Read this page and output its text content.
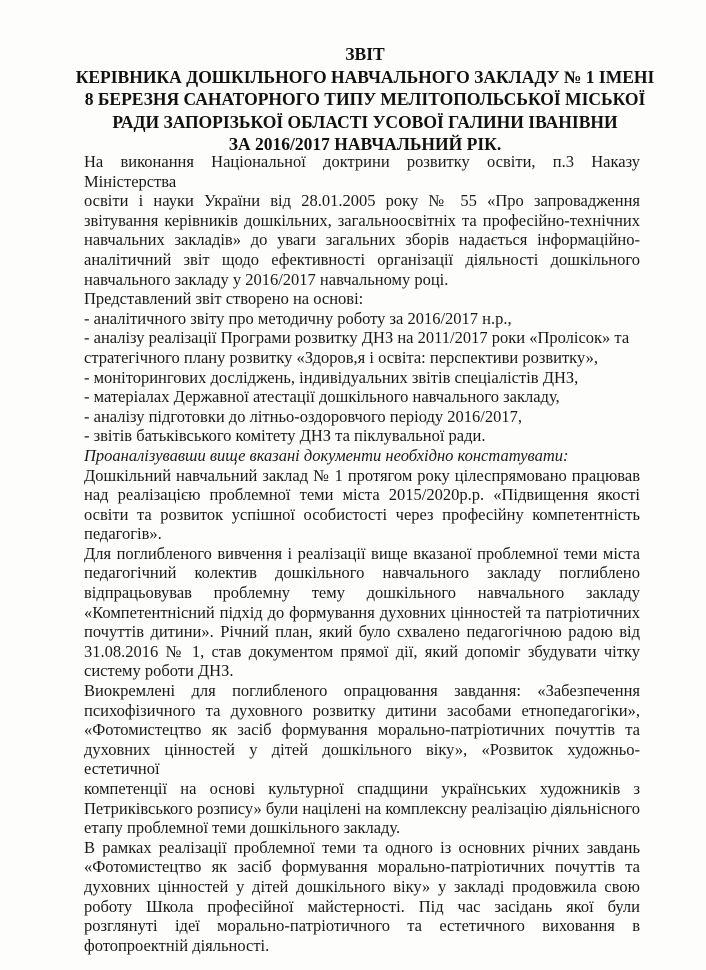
ЗВІТ
КЕРІВНИКА ДОШКІЛЬНОГО НАВЧАЛЬНОГО ЗАКЛАДУ № 1 ІМЕНІ
8 БЕРЕЗНЯ САНАТОРНОГО ТИПУ МЕЛІТОПОЛЬСЬКОЇ МІСЬКОЇ
РАДИ ЗАПОРІЗЬКОЇ ОБЛАСТІ УСОВОЇ ГАЛИНИ ІВАНІВНИ
ЗА 2016/2017 НАВЧАЛЬНИЙ РІК.
На виконання Національної доктрини розвитку освіти, п.3 Наказу Міністерства
освіти і науки України від 28.01.2005 року № 55 «Про запровадження
звітування керівників дошкільних, загальноосвітніх та професійно-технічних
навчальних закладів» до уваги загальних зборів надається інформаційно-
аналітичний звіт щодо ефективності організації діяльності дошкільного
навчального закладу у 2016/2017 навчальному році.
Представлений звіт створено на основі:
- аналітичного звіту про методичну роботу за 2016/2017 н.р.,
- аналізу реалізації Програми розвитку ДНЗ на 2011/2017 роки «Пролісок» та
стратегічного плану розвитку «Здоров,я і освіта: перспективи розвитку»,
- моніторингових досліджень, індивідуальних звітів спеціалістів ДНЗ,
- матеріалах Державної атестації дошкільного навчального закладу,
- аналізу підготовки до літньо-оздоровчого періоду 2016/2017,
- звітів батьківського комітету ДНЗ та піклувальної ради.
Проаналізувавши вище вказані документи необхідно констатувати:
Дошкільний навчальний заклад № 1 протягом року цілеспрямовано працював
над реалізацією проблемної теми міста 2015/2020р.р. «Підвищення якості
освіти та розвиток успішної особистості через професійну компетентність
педагогів».
Для поглибленого вивчення і реалізації вище вказаної проблемної теми міста
педагогічний колектив дошкільного навчального закладу поглиблено
відпрацьовував проблемну тему дошкільного навчального закладу
«Компетентнісний підхід до формування духовних цінностей та патріотичних
почуттів дитини». Річний план, який було схвалено педагогічною радою від
31.08.2016 № 1, став документом прямої дії, який допоміг збудувати чітку
систему роботи ДНЗ.
Виокремлені для поглибленого опрацювання завдання: «Забезпечення
психофізичного та духовного розвитку дитини засобами етнопедагогіки»,
«Фотомистецтво як засіб формування морально-патріотичних почуттів та
духовних цінностей у дітей дошкільного віку», «Розвиток художньо-естетичної
компетенції на основі культурної спадщини українських художників з
Петриківського розпису» були націлені на комплексну реалізацію діяльнісного
етапу проблемної теми дошкільного закладу.
В рамках реалізації проблемної теми та одного із основних річних завдань
«Фотомистецтво як засіб формування морально-патріотичних почуттів та
духовних цінностей у дітей дошкільного віку» у закладі продовжила свою
роботу Школа професійної майстерності. Під час засідань якої були
розглянуті ідеї морально-патріотичного та естетичного виховання в
фотопроектній діяльності.
